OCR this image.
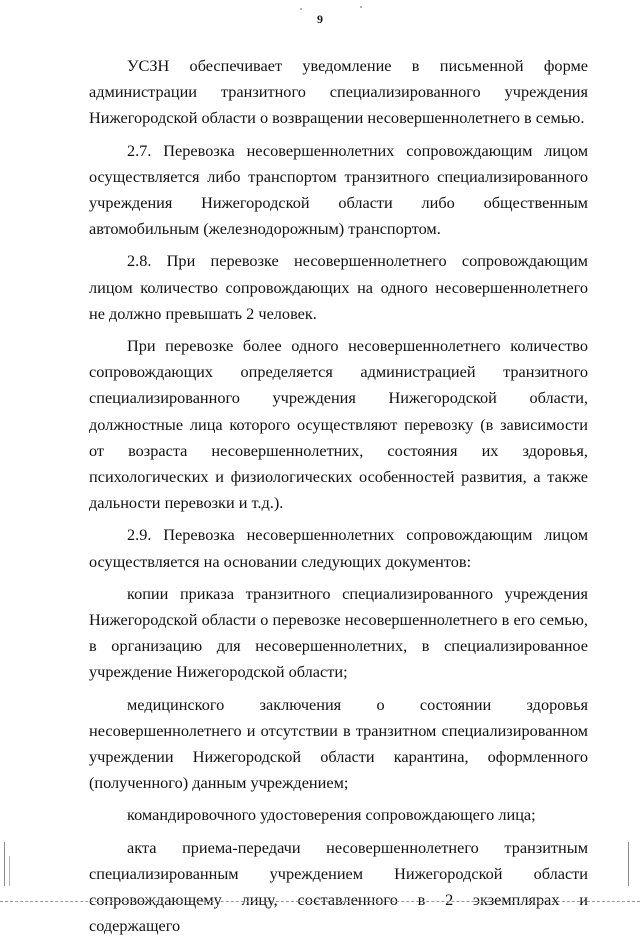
9

УСЗН обеспечивает уведомление в письменной форме администрации транзитного специализированного учреждения Нижегородской области о возвращении несовершеннолетнего в семью.

2.7. Перевозка несовершеннолетних сопровождающим лицом осуществляется либо транспортом транзитного специализированного учреждения Нижегородской области либо общественным автомобильным (железнодорожным) транспортом.

2.8. При перевозке несовершеннолетнего сопровождающим лицом количество сопровождающих на одного несовершеннолетнего не должно превышать 2 человек.

При перевозке более одного несовершеннолетнего количество сопровождающих определяется администрацией транзитного специализированного учреждения Нижегородской области, должностные лица которого осуществляют перевозку (в зависимости от возраста несовершеннолетних, состояния их здоровья, психологических и физиологических особенностей развития, а также дальности перевозки и т.д.).

2.9. Перевозка несовершеннолетних сопровождающим лицом осуществляется на основании следующих документов:

копии приказа транзитного специализированного учреждения Нижегородской области о перевозке несовершеннолетнего в его семью, в организацию для несовершеннолетних, в специализированное учреждение Нижегородской области;

медицинского заключения о состоянии здоровья несовершеннолетнего и отсутствии в транзитном специализированном учреждении Нижегородской области карантина, оформленного (полученного) данным учреждением;

командировочного удостоверения сопровождающего лица;

акта приема-передачи несовершеннолетнего транзитным специализированным учреждением Нижегородской области сопровождающему лицу, составленного в 2 экземплярах и содержащего
